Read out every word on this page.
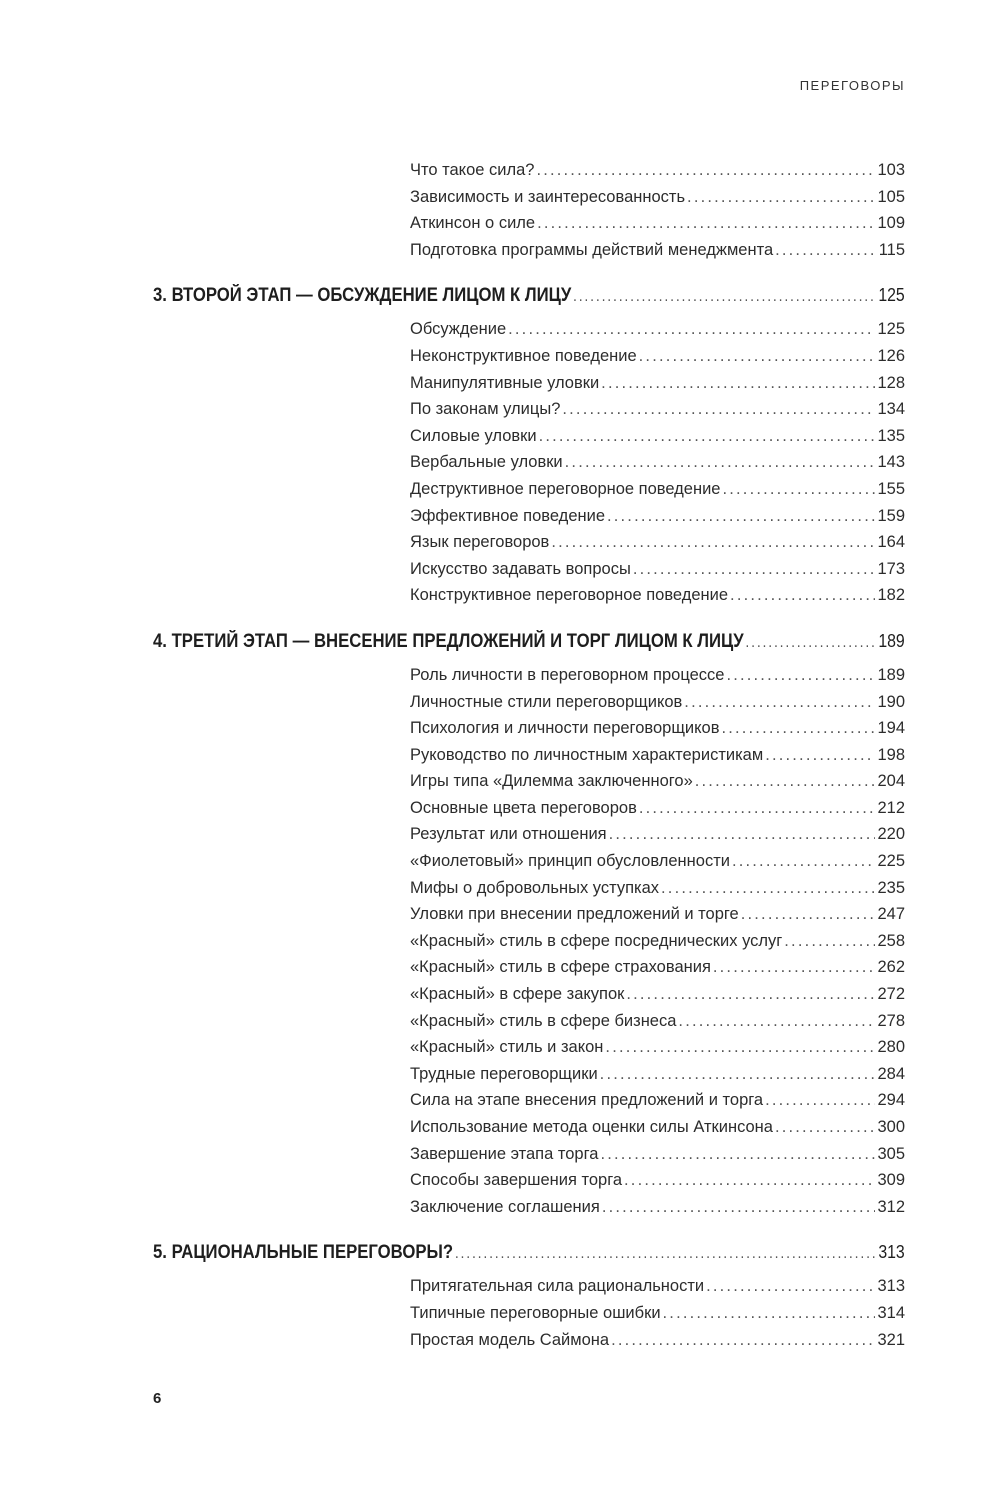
ПЕРЕГОВОРЫ
Что такое сила? . . .	103
Зависимость и заинтересованность . . .	105
Аткинсон о силе . . .	109
Подготовка программы действий менеджмента . . .	115
3. ВТОРОЙ ЭТАП — ОБСУЖДЕНИЕ ЛИЦОМ К ЛИЦУ . . .	125
Обсуждение . . .	125
Неконструктивное поведение . . .	126
Манипулятивные уловки . . .	128
По законам улицы? . . .	134
Силовые уловки . . .	135
Вербальные уловки . . .	143
Деструктивное переговорное поведение . . .	155
Эффективное поведение . . .	159
Язык переговоров . . .	164
Искусство задавать вопросы . . .	173
Конструктивное переговорное поведение . . .	182
4. ТРЕТИЙ ЭТАП — ВНЕСЕНИЕ ПРЕДЛОЖЕНИЙ И ТОРГ ЛИЦОМ К ЛИЦУ . . .	189
Роль личности в переговорном процессе . . .	189
Личностные стили переговорщиков . . .	190
Психология и личности переговорщиков . . .	194
Руководство по личностным характеристикам . . .	198
Игры типа «Дилемма заключенного» . . .	204
Основные цвета переговоров . . .	212
Результат или отношения . . .	220
«Фиолетовый» принцип обусловленности . . .	225
Мифы о добровольных уступках . . .	235
Уловки при внесении предложений и торге . . .	247
«Красный» стиль в сфере посреднических услуг . . .	258
«Красный» стиль в сфере страхования . . .	262
«Красный» в сфере закупок . . .	272
«Красный» стиль в сфере бизнеса . . .	278
«Красный» стиль и закон . . .	280
Трудные переговорщики . . .	284
Сила на этапе внесения предложений и торга . . .	294
Использование метода оценки силы Аткинсона . . .	300
Завершение этапа торга . . .	305
Способы завершения торга . . .	309
Заключение соглашения . . .	312
5. РАЦИОНАЛЬНЫЕ ПЕРЕГОВОРЫ? . . .	313
Притягательная сила рациональности . . .	313
Типичные переговорные ошибки . . .	314
Простая модель Саймона . . .	321
6
